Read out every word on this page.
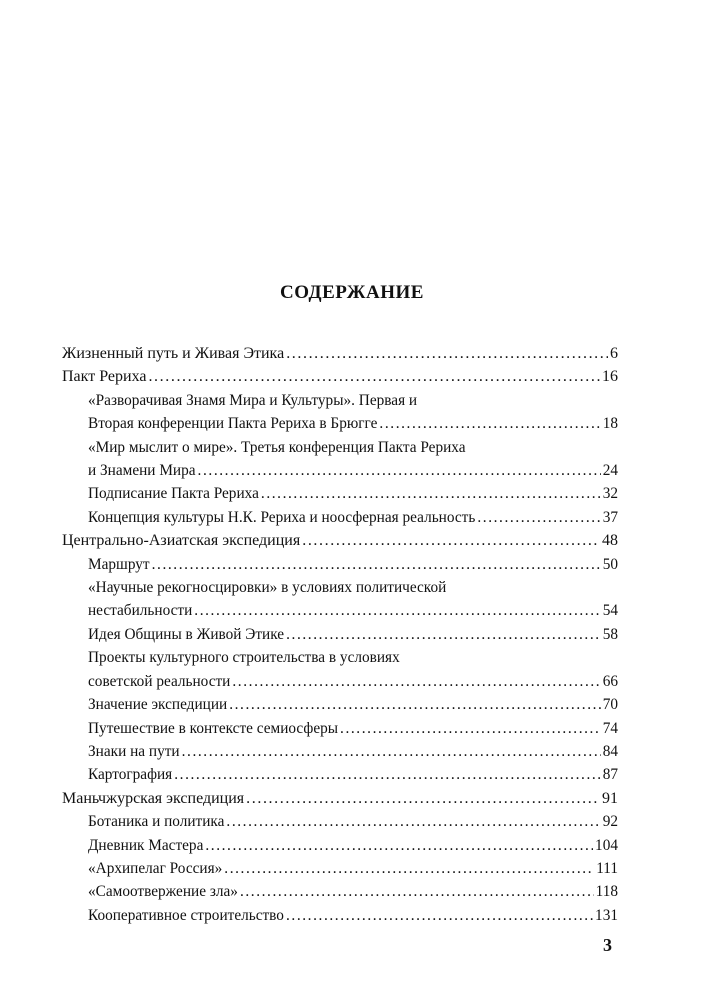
СОДЕРЖАНИЕ
Жизненный путь и Живая Этика .....	6
Пакт Рериха .....	16
«Разворачивая Знамя Мира и Культуры». Первая и
Вторая конференции Пакта Рериха в Брюгге .....	18
«Мир мыслит о мире». Третья конференция Пакта Рериха
и Знамени Мира .....	24
Подписание Пакта Рериха .....	32
Концепция культуры Н.К. Рериха и ноосферная реальность .....	37
Центрально-Азиатская экспедиция .....	48
Маршрут .....	50
«Научные рекогносцировки» в условиях политической
нестабильности .....	54
Идея Общины в Живой Этике .....	58
Проекты культурного строительства в условиях
советской реальности .....	66
Значение экспедиции .....	70
Путешествие в контексте семиосферы .....	74
Знаки на пути .....	84
Картография .....	87
Маньчжурская экспедиция .....	91
Ботаника и политика .....	92
Дневник Мастера .....	104
«Архипелаг Россия» .....	111
«Самоотвержение зла» .....	118
Кооперативное строительство .....	131
3
